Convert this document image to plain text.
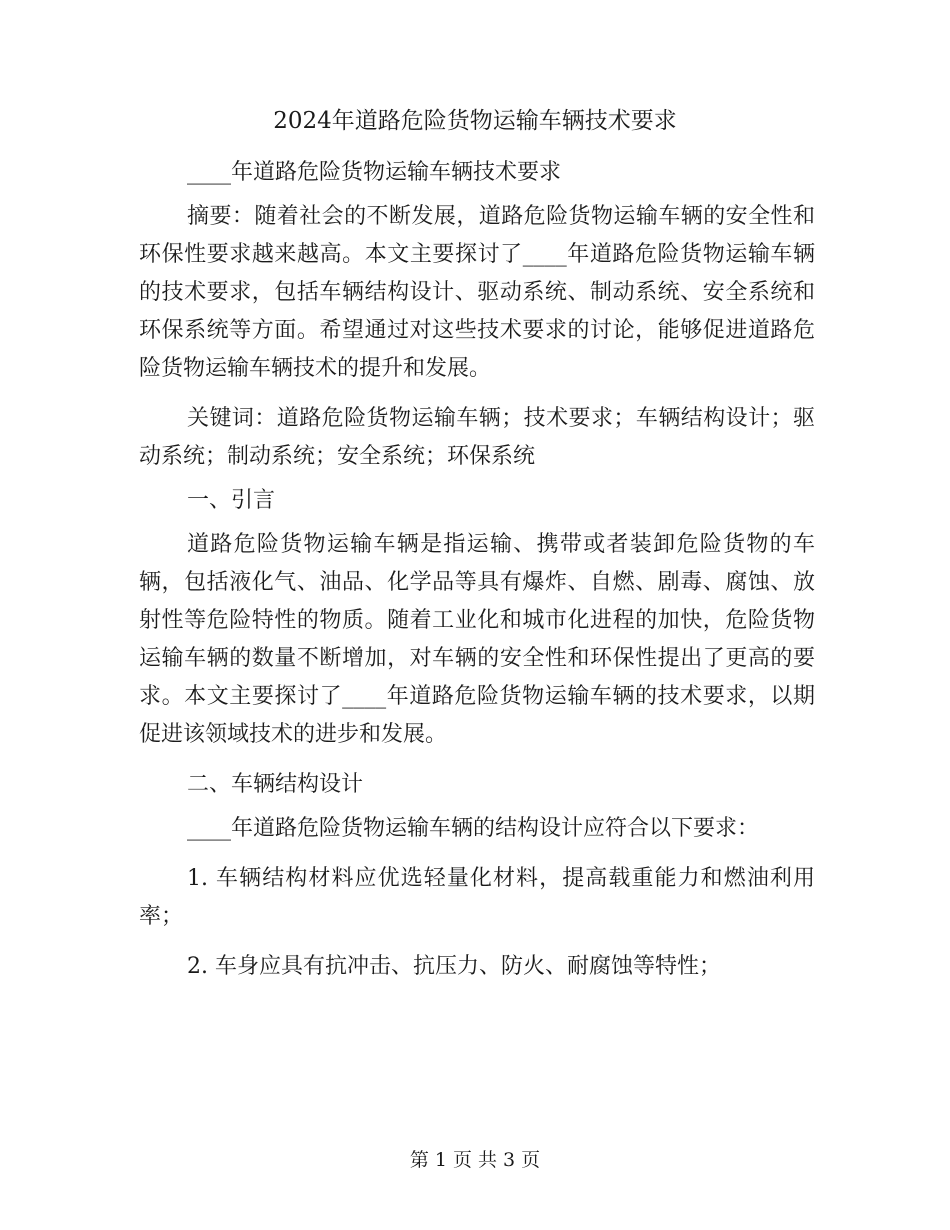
2024年道路危险货物运输车辆技术要求

____年道路危险货物运输车辆技术要求

摘要：随着社会的不断发展，道路危险货物运输车辆的安全性和环保性要求越来越高。本文主要探讨了____年道路危险货物运输车辆的技术要求，包括车辆结构设计、驱动系统、制动系统、安全系统和环保系统等方面。希望通过对这些技术要求的讨论，能够促进道路危险货物运输车辆技术的提升和发展。

关键词：道路危险货物运输车辆；技术要求；车辆结构设计；驱动系统；制动系统；安全系统；环保系统

一、引言

道路危险货物运输车辆是指运输、携带或者装卸危险货物的车辆，包括液化气、油品、化学品等具有爆炸、自燃、剧毒、腐蚀、放射性等危险特性的物质。随着工业化和城市化进程的加快，危险货物运输车辆的数量不断增加，对车辆的安全性和环保性提出了更高的要求。本文主要探讨了____年道路危险货物运输车辆的技术要求，以期促进该领域技术的进步和发展。

二、车辆结构设计

____年道路危险货物运输车辆的结构设计应符合以下要求：

1. 车辆结构材料应优选轻量化材料，提高载重能力和燃油利用率；

2. 车身应具有抗冲击、抗压力、防火、耐腐蚀等特性；

第 1 页 共 3 页
